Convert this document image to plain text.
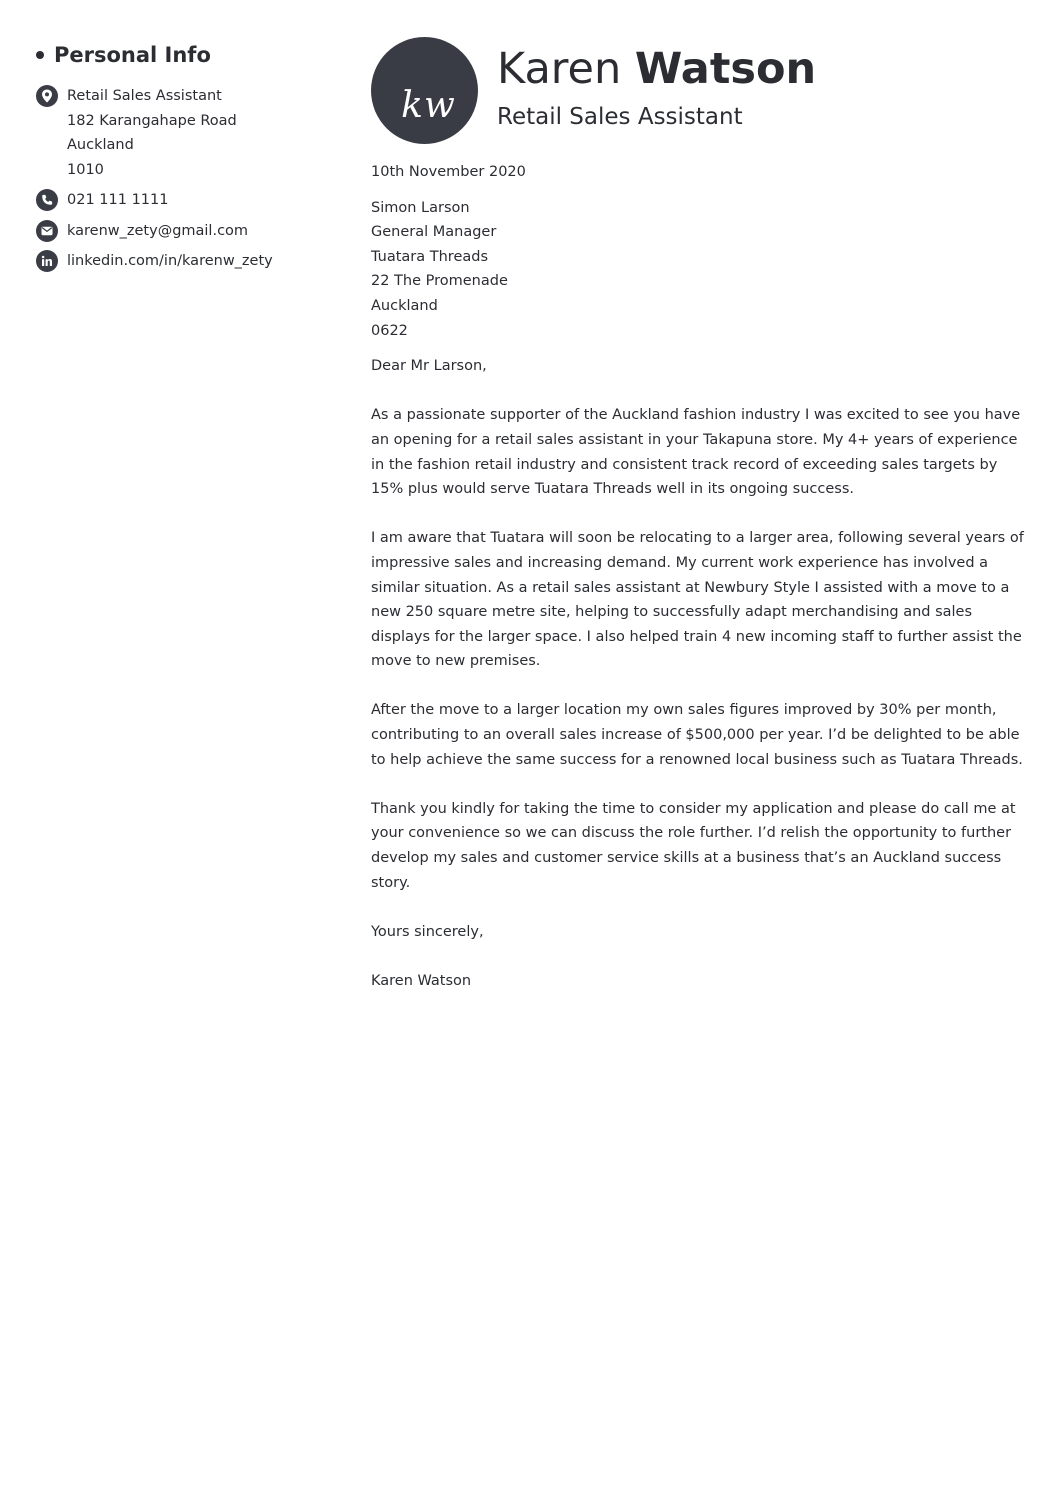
Personal Info
Retail Sales Assistant
182 Karangahape Road
Auckland
1010
021 111 1111
karenw_zety@gmail.com
linkedin.com/in/karenw_zety
kw
Karen Watson
Retail Sales Assistant

10th November 2020

Simon Larson
General Manager
Tuatara Threads
22 The Promenade
Auckland
0622

Dear Mr Larson,

As a passionate supporter of the Auckland fashion industry I was excited to see you have an opening for a retail sales assistant in your Takapuna store. My 4+ years of experience in the fashion retail industry and consistent track record of exceeding sales targets by 15% plus would serve Tuatara Threads well in its ongoing success.

I am aware that Tuatara will soon be relocating to a larger area, following several years of impressive sales and increasing demand. My current work experience has involved a similar situation. As a retail sales assistant at Newbury Style I assisted with a move to a new 250 square metre site, helping to successfully adapt merchandising and sales displays for the larger space. I also helped train 4 new incoming staff to further assist the move to new premises.

After the move to a larger location my own sales figures improved by 30% per month, contributing to an overall sales increase of $500,000 per year. I’d be delighted to be able to help achieve the same success for a renowned local business such as Tuatara Threads.

Thank you kindly for taking the time to consider my application and please do call me at your convenience so we can discuss the role further. I’d relish the opportunity to further develop my sales and customer service skills at a business that’s an Auckland success story.

Yours sincerely,

Karen Watson
